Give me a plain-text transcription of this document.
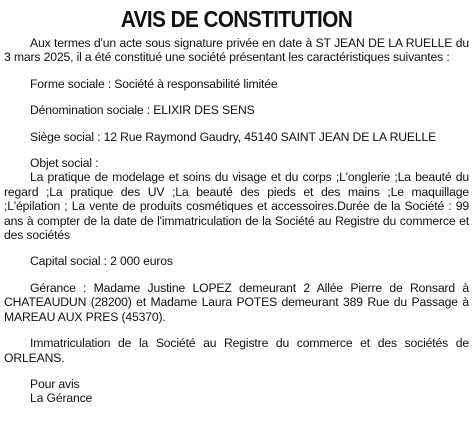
AVIS DE CONSTITUTION
Aux termes d'un acte sous signature privée en date à ST JEAN DE LA RUELLE du 3 mars 2025, il a été constitué une société présentant les caractéristiques suivantes :
Forme sociale : Société à responsabilité limitée
Dénomination sociale : ELIXIR DES SENS
Siège social : 12 Rue Raymond Gaudry, 45140 SAINT JEAN DE LA RUELLE
Objet social :
La pratique de modelage et soins du visage et du corps ;L'onglerie ;La beauté du regard ;La pratique des UV ;La beauté des pieds et des mains ;Le maquillage ;L'épilation ; La vente de produits cosmétiques et accessoires.Durée de la Société : 99 ans à compter de la date de l'immatriculation de la Société au Registre du commerce et des sociétés
Capital social : 2 000 euros
Gérance : Madame Justine LOPEZ demeurant 2 Allée Pierre de Ronsard à CHATEAUDUN (28200) et Madame Laura POTES demeurant 389 Rue du Passage à MAREAU AUX PRES (45370).
Immatriculation de la Société au Registre du commerce et des sociétés de ORLEANS.
Pour avis
La Gérance
